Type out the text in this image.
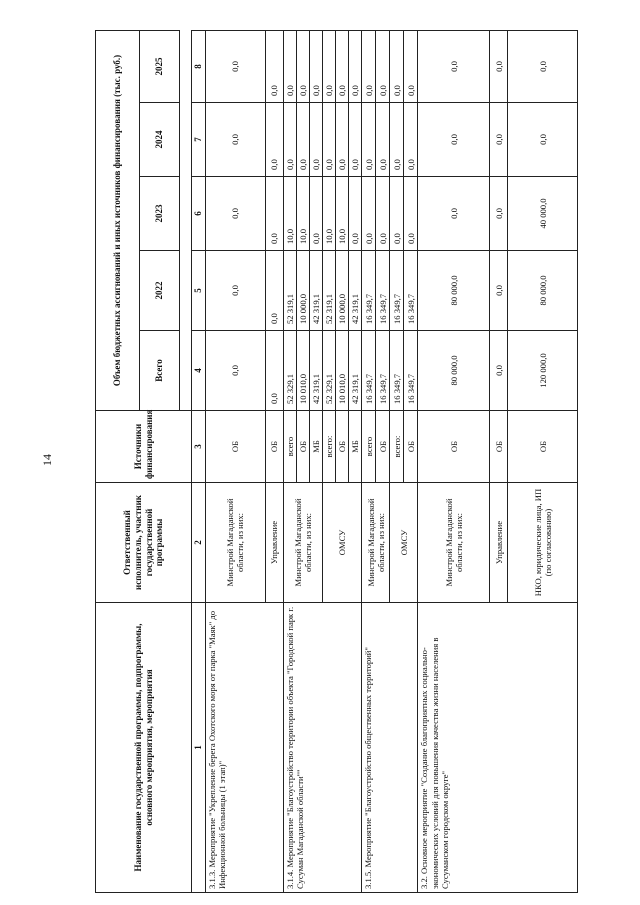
14
Наименование государственной программы, подпрограммы, основного мероприятия, мероприятия	Ответственный исполнитель, участник государственной программы	Источники финансирования	Объем бюджетных ассигнований и иных источников финансирования (тыс. руб.)				
			Всего	2022	2023	2024	2025

1	2	3	4	5	6	7	8
3.1.3. Мероприятие "Укрепление берега Охотского моря от парка "Маяк" до Инфекционной больницы (1 этап)"	Минстрой Магаданской области, из них:	ОБ	0,0	0,0	0,0	0,0	0,0
	Управление	ОБ	0,0	0,0	0,0	0,0	0,0
3.1.4. Мероприятие "Благоустройство территории объекта "Городской парк г. Сусуман Магаданской области""	Минстрой Магаданской области, из них:	всего	52 329,1	52 319,1	10,0	0,0	0,0
		ОБ	10 010,0	10 000,0	10,0	0,0	0,0
		МБ	42 319,1	42 319,1	0,0	0,0	0,0
	ОМСУ	всего:	52 329,1	52 319,1	10,0	0,0	0,0
		ОБ	10 010,0	10 000,0	10,0	0,0	0,0
		МБ	42 319,1	42 319,1	0,0	0,0	0,0
3.1.5. Мероприятие "Благоустройство общественных территорий"	Минстрой Магаданской области, из них:	всего	16 349,7	16 349,7	0,0	0,0	0,0
		ОБ	16 349,7	16 349,7	0,0	0,0	0,0
	ОМСУ	всего:	16 349,7	16 349,7	0,0	0,0	0,0
		ОБ	16 349,7	16 349,7	0,0	0,0	0,0
3.2. Основное мероприятие "Создание благоприятных социально-экономических условий для повышения качества жизни населения в Сусуманском городском округе"	Минстрой Магаданской области, из них:	ОБ	80 000,0	80 000,0	0,0	0,0	0,0
	Управление	ОБ	0,0	0,0	0,0	0,0	0,0
	НКО, юридические лица, ИП (по согласованию)	ОБ	120 000,0	80 000,0	40 000,0	0,0	0,0
